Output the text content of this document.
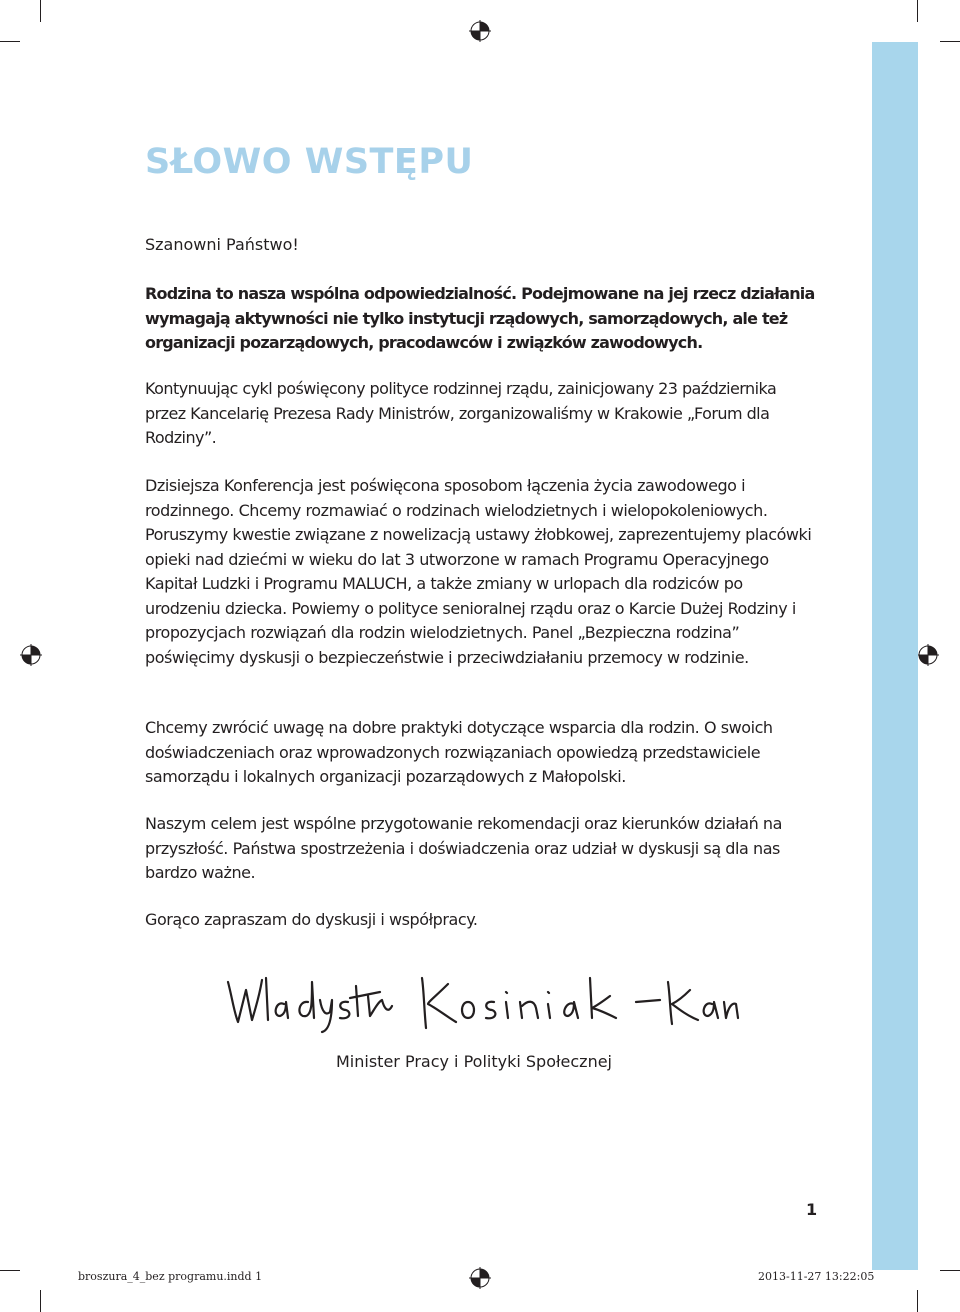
SŁOWO WSTĘPU

Szanowni Państwo!

Rodzina to nasza wspólna odpowiedzialność. Podejmowane na jej rzecz działania wymagają aktywności nie tylko instytucji rządowych, samorządowych, ale też organizacji pozarządowych, pracodawców i związków zawodowych.

Kontynuując cykl poświęcony polityce rodzinnej rządu, zainicjowany 23 października przez Kancelarię Prezesa Rady Ministrów, zorganizowaliśmy w Krakowie „Forum dla Rodziny”.

Dzisiejsza Konferencja jest poświęcona sposobom łączenia życia zawodowego i rodzinnego. Chcemy rozmawiać o rodzinach wielodzietnych i wielopokoleniowych. Poruszymy kwestie związane z nowelizacją ustawy żłobkowej, zaprezentujemy placówki opieki nad dziećmi w wieku do lat 3 utworzone w ramach Programu Operacyjnego Kapitał Ludzki i Programu MALUCH, a także zmiany w urlopach dla rodziców po urodzeniu dziecka. Powiemy o polityce senioralnej rządu oraz o Karcie Dużej Rodziny i propozycjach rozwiązań dla rodzin wielodzietnych. Panel „Bezpieczna rodzina” poświęcimy dyskusji o bezpieczeństwie i przeciwdziałaniu przemocy w rodzinie.

Chcemy zwrócić uwagę na dobre praktyki dotyczące wsparcia dla rodzin. O swoich doświadczeniach oraz wprowadzonych rozwiązaniach opowiedzą przedstawiciele samorządu i lokalnych organizacji pozarządowych z Małopolski.

Naszym celem jest wspólne przygotowanie rekomendacji oraz kierunków działań na przyszłość. Państwa spostrzeżenia i doświadczenia oraz udział w dyskusji są dla nas bardzo ważne.

Gorąco zapraszam do dyskusji i współpracy.

Minister Pracy i Polityki Społecznej
1
broszura_4_bez programu.indd 1	2013-11-27 13:22:05
